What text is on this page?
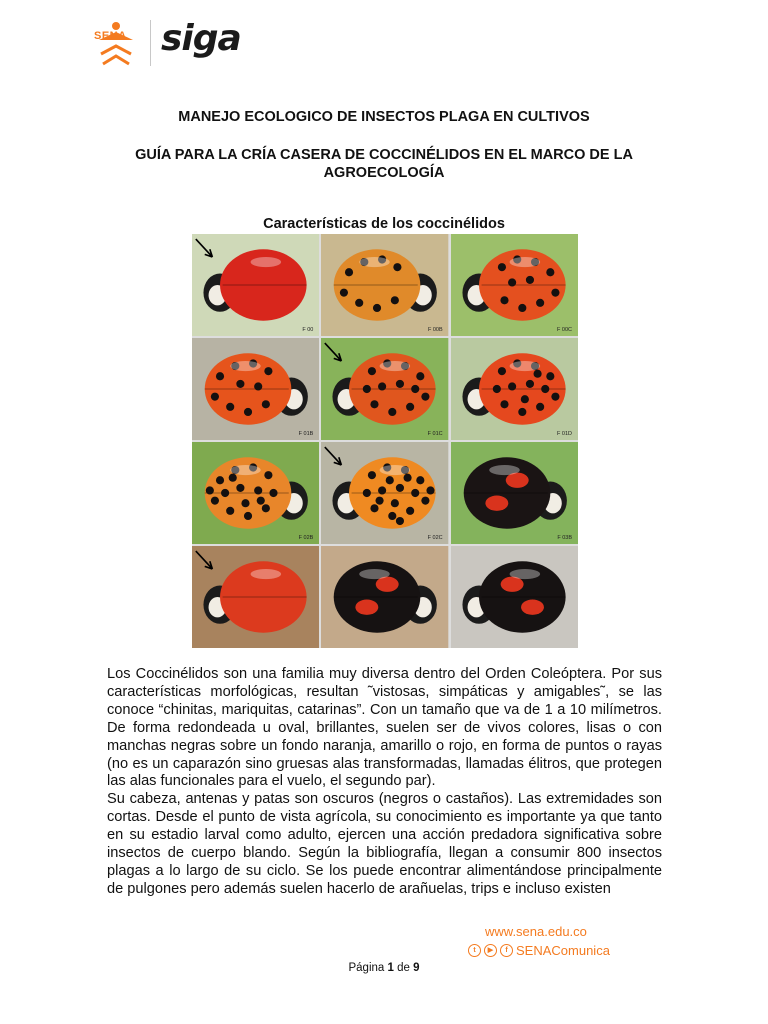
SENA siga
MANEJO ECOLOGICO DE INSECTOS PLAGA EN CULTIVOS
GUÍA PARA LA CRÍA CASERA DE COCCINÉLIDOS EN EL MARCO DE LA AGROECOLOGÍA
Características de los coccinélidos
F 00	F 00B	F 00C
F 01B	F 01C	F 01D
F 02B	F 02C	F 03B

Los Coccinélidos son una familia muy diversa dentro del Orden Coleóptera. Por sus características morfológicas, resultan ˜vistosas, simpáticas y amigables˜, se las conoce “chinitas, mariquitas, catarinas”. Con un tamaño que va de 1 a 10 milímetros. De forma redondeada u oval, brillantes, suelen ser de vivos colores, lisas o con manchas negras sobre un fondo naranja, amarillo o rojo, en forma de puntos o rayas (no es un caparazón sino gruesas alas transformadas, llamadas élitros, que protegen las alas funcionales para el vuelo, el segundo par).

Su cabeza, antenas y patas son oscuros (negros o castaños). Las extremidades son cortas. Desde el punto de vista agrícola, su conocimiento es importante ya que tanto en su estadio larval como adulto, ejercen una acción predadora significativa sobre insectos de cuerpo blando. Según la bibliografía, llegan a consumir 800 insectos plagas a lo largo de su ciclo. Se los puede encontrar alimentándose principalmente de pulgones pero además suelen hacerlo de arañuelas, trips e incluso existen

www.sena.edu.co
t	▶	f SENAComunica
Página 1 de 9
